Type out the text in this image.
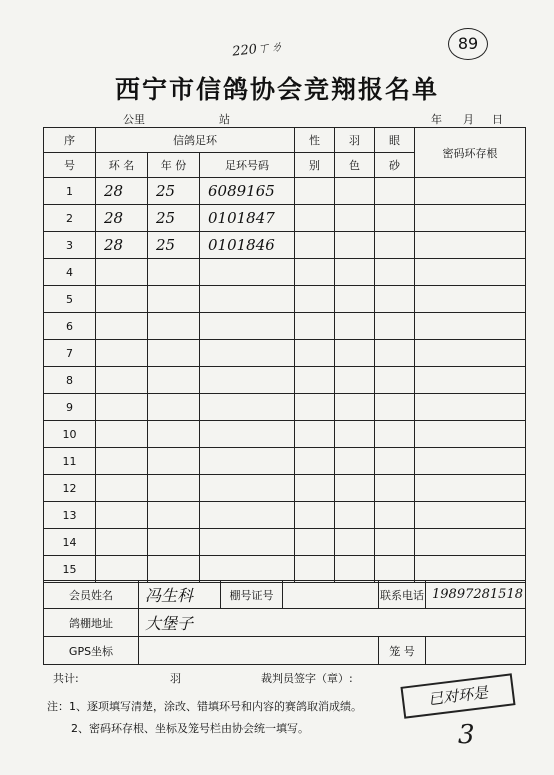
220ㄒㄌ	89
西宁市信鸽协会竞翔报名单
公里	站	年 月 日
序	信鸽足环			性	羽	眼	密码环存根
号	环 名	年 份	足环号码	别	色	砂	
1	28	25	6089165				
2	28	25	0101847				
3	28	25	0101846				
4							
5							
6							
7							
8							
9							
10							
11							
12							
13							
14							
15							
会员姓名	冯生科	棚号证号		联系电话	19897281518
鸽棚地址	大堡子				
GPS坐标				笼 号	
共计:	羽	裁判员签字（章）:
注：1、逐项填写清楚，涂改、错填环号和内容的赛鸽取消成绩。
2、密码环存根、坐标及笼号栏由协会统一填写。
已对环是
3
